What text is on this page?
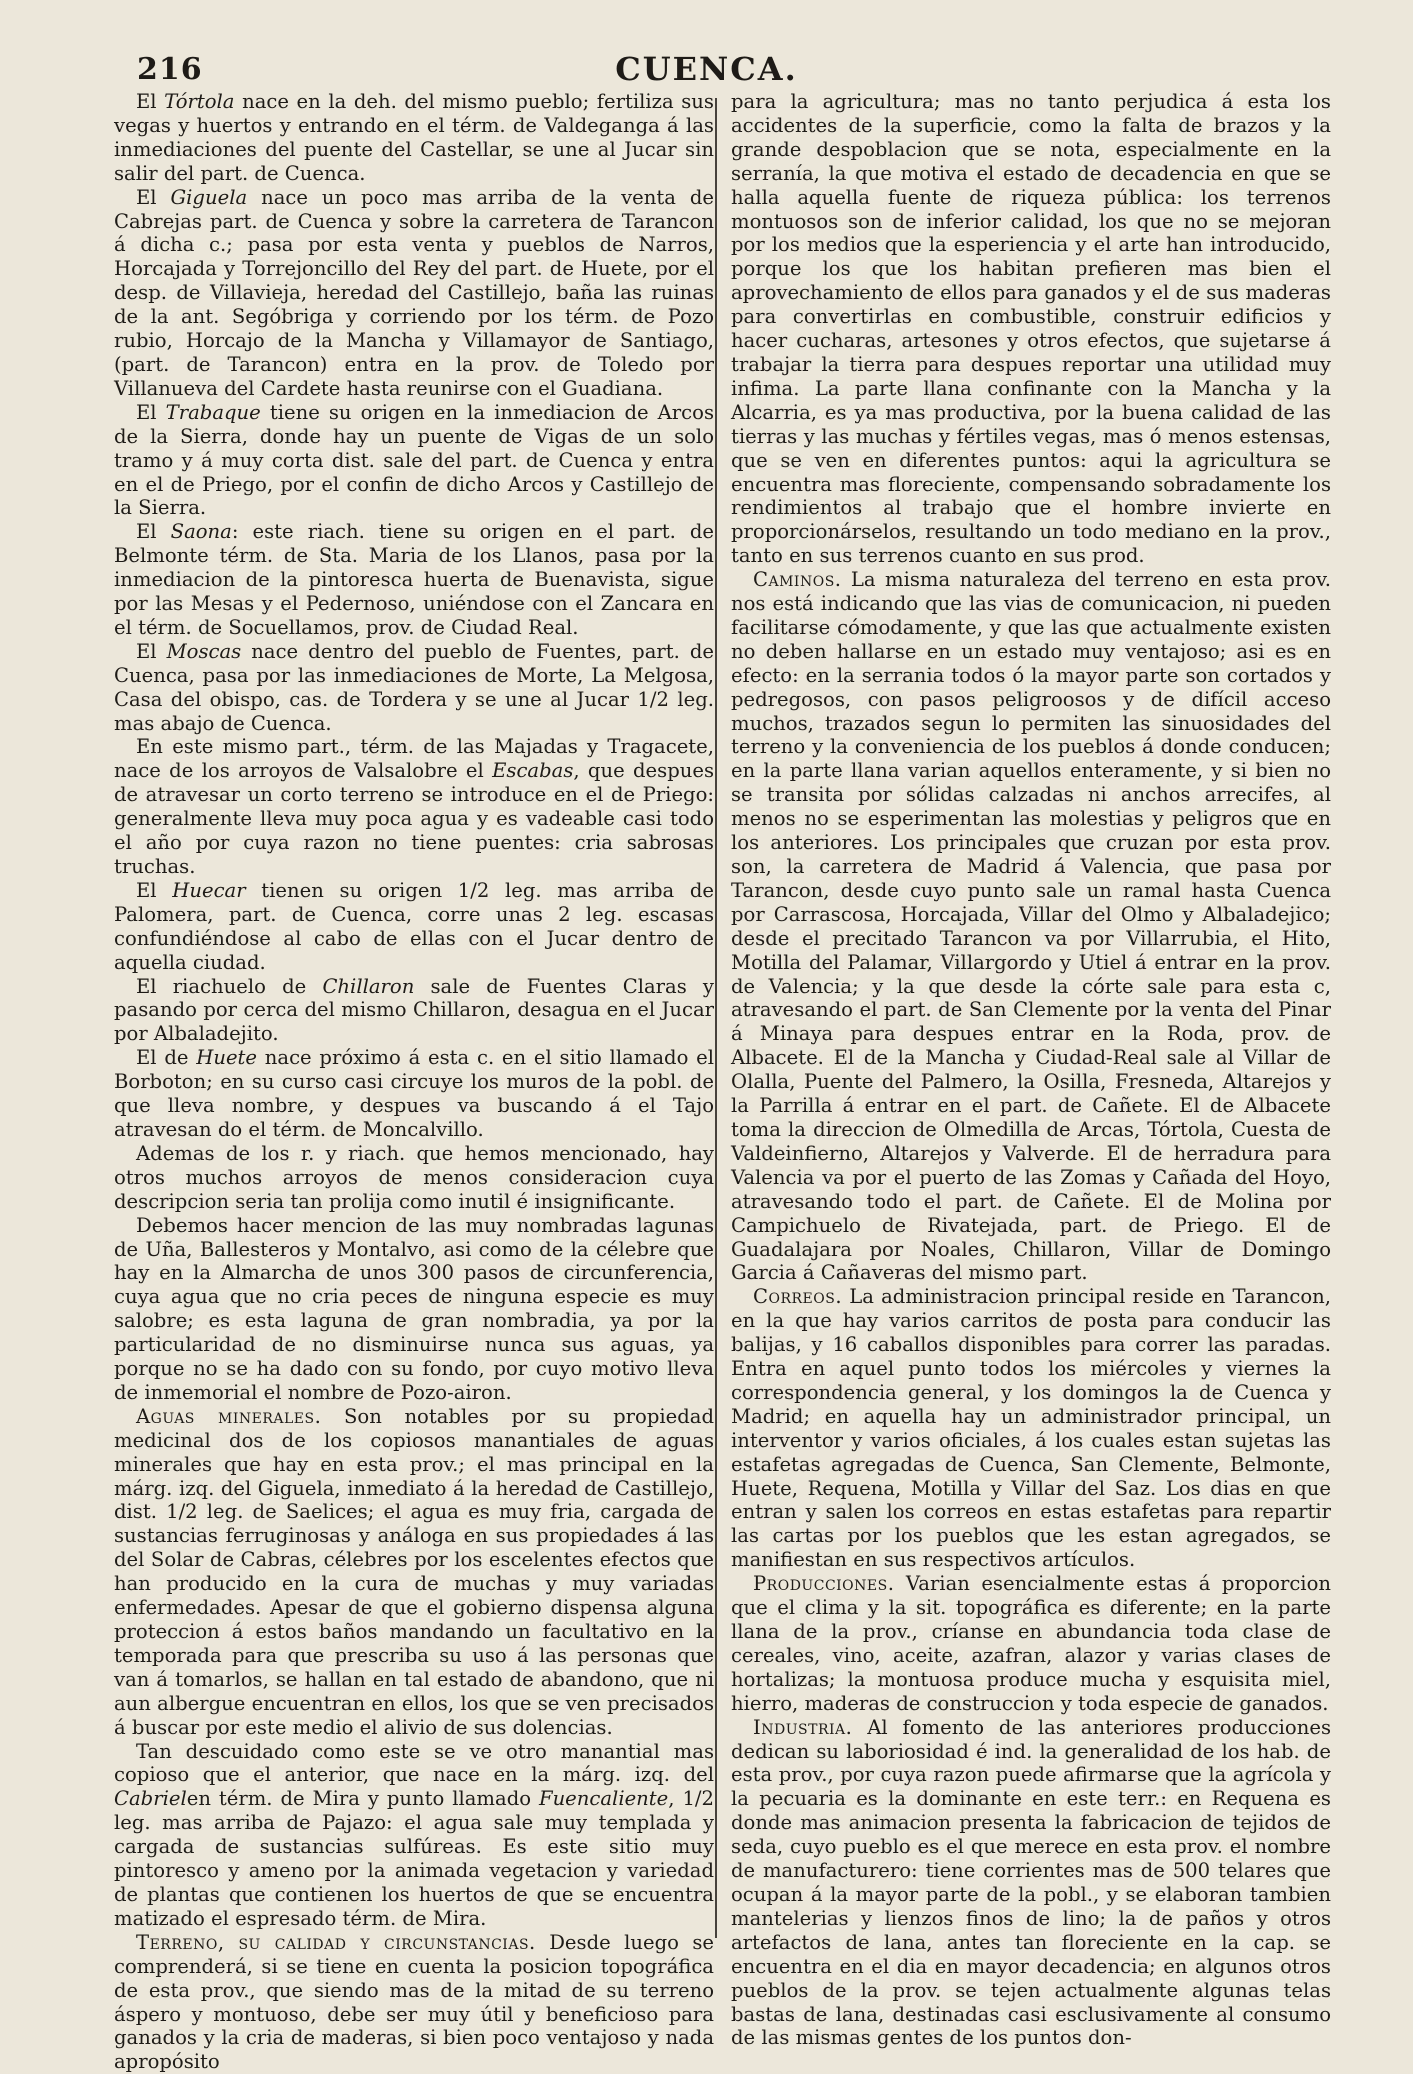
216	CUENCA.

El Tórtola nace en la deh. del mismo pueblo; fertiliza sus vegas y huertos y entrando en el térm. de Valdeganga á las inmediaciones del puente del Castellar, se une al Jucar sin salir del part. de Cuenca.

El Giguela nace un poco mas arriba de la venta de Cabrejas part. de Cuenca y sobre la carretera de Tarancon á dicha c.; pasa por esta venta y pueblos de Narros, Horcajada y Torrejoncillo del Rey del part. de Huete, por el desp. de Villavieja, heredad del Castillejo, baña las ruinas de la ant. Segóbriga y corriendo por los térm. de Pozo rubio, Horcajo de la Mancha y Villamayor de Santiago, (part. de Tarancon) entra en la prov. de Toledo por Villanueva del Cardete hasta reunirse con el Guadiana.

El Trabaque tiene su origen en la inmediacion de Arcos de la Sierra, donde hay un puente de Vigas de un solo tramo y á muy corta dist. sale del part. de Cuenca y entra en el de Priego, por el confin de dicho Arcos y Castillejo de la Sierra.

El Saona: este riach. tiene su origen en el part. de Belmonte térm. de Sta. Maria de los Llanos, pasa por la inmediacion de la pintoresca huerta de Buenavista, sigue por las Mesas y el Pedernoso, uniéndose con el Zancara en el térm. de Socuellamos, prov. de Ciudad Real.

El Moscas nace dentro del pueblo de Fuentes, part. de Cuenca, pasa por las inmediaciones de Morte, La Melgosa, Casa del obispo, cas. de Tordera y se une al Jucar 1/2 leg. mas abajo de Cuenca.

En este mismo part., térm. de las Majadas y Tragacete, nace de los arroyos de Valsalobre el Escabas, que despues de atravesar un corto terreno se introduce en el de Priego: generalmente lleva muy poca agua y es vadeable casi todo el año por cuya razon no tiene puentes: cria sabrosas truchas.

El Huecar tienen su origen 1/2 leg. mas arriba de Palomera, part. de Cuenca, corre unas 2 leg. escasas confundiéndose al cabo de ellas con el Jucar dentro de aquella ciudad.

El riachuelo de Chillaron sale de Fuentes Claras y pasando por cerca del mismo Chillaron, desagua en el Jucar por Albaladejito.

El de Huete nace próximo á esta c. en el sitio llamado el Borboton; en su curso casi circuye los muros de la pobl. de que lleva nombre, y despues va buscando á el Tajo atravesan do el térm. de Moncalvillo.

Ademas de los r. y riach. que hemos mencionado, hay otros muchos arroyos de menos consideracion cuya descripcion seria tan prolija como inutil é insignificante.

Debemos hacer mencion de las muy nombradas lagunas de Uña, Ballesteros y Montalvo, asi como de la célebre que hay en la Almarcha de unos 300 pasos de circunferencia, cuya agua que no cria peces de ninguna especie es muy salobre; es esta laguna de gran nombradia, ya por la particularidad de no disminuirse nunca sus aguas, ya porque no se ha dado con su fondo, por cuyo motivo lleva de inmemorial el nombre de Pozo-airon.

Aguas minerales. Son notables por su propiedad medicinal dos de los copiosos manantiales de aguas minerales que hay en esta prov.; el mas principal en la márg. izq. del Giguela, inmediato á la heredad de Castillejo, dist. 1/2 leg. de Saelices; el agua es muy fria, cargada de sustancias ferruginosas y análoga en sus propiedades á las del Solar de Cabras, célebres por los escelentes efectos que han producido en la cura de muchas y muy variadas enfermedades. Apesar de que el gobierno dispensa alguna proteccion á estos baños mandando un facultativo en la temporada para que prescriba su uso á las personas que van á tomarlos, se hallan en tal estado de abandono, que ni aun albergue encuentran en ellos, los que se ven precisados á buscar por este medio el alivio de sus dolencias.

Tan descuidado como este se ve otro manantial mas copioso que el anterior, que nace en la márg. izq. del Cabrielen térm. de Mira y punto llamado Fuencaliente, 1/2 leg. mas arriba de Pajazo: el agua sale muy templada y cargada de sustancias sulfúreas. Es este sitio muy pintoresco y ameno por la animada vegetacion y variedad de plantas que contienen los huertos de que se encuentra matizado el espresado térm. de Mira.

Terreno, su calidad y circunstancias. Desde luego se comprenderá, si se tiene en cuenta la posicion topográfica de esta prov., que siendo mas de la mitad de su terreno áspero y montuoso, debe ser muy útil y beneficioso para ganados y la cria de maderas, si bien poco ventajoso y nada apropósito

para la agricultura; mas no tanto perjudica á esta los accidentes de la superficie, como la falta de brazos y la grande despoblacion que se nota, especialmente en la serranía, la que motiva el estado de decadencia en que se halla aquella fuente de riqueza pública: los terrenos montuosos son de inferior calidad, los que no se mejoran por los medios que la esperiencia y el arte han introducido, porque los que los habitan prefieren mas bien el aprovechamiento de ellos para ganados y el de sus maderas para convertirlas en combustible, construir edificios y hacer cucharas, artesones y otros efectos, que sujetarse á trabajar la tierra para despues reportar una utilidad muy infima. La parte llana confinante con la Mancha y la Alcarria, es ya mas productiva, por la buena calidad de las tierras y las muchas y fértiles vegas, mas ó menos estensas, que se ven en diferentes puntos: aqui la agricultura se encuentra mas floreciente, compensando sobradamente los rendimientos al trabajo que el hombre invierte en proporcionárselos, resultando un todo mediano en la prov., tanto en sus terrenos cuanto en sus prod.

Caminos. La misma naturaleza del terreno en esta prov. nos está indicando que las vias de comunicacion, ni pueden facilitarse cómodamente, y que las que actualmente existen no deben hallarse en un estado muy ventajoso; asi es en efecto: en la serrania todos ó la mayor parte son cortados y pedregosos, con pasos peligroosos y de difícil acceso muchos, trazados segun lo permiten las sinuosidades del terreno y la conveniencia de los pueblos á donde conducen; en la parte llana varian aquellos enteramente, y si bien no se transita por sólidas calzadas ni anchos arrecifes, al menos no se esperimentan las molestias y peligros que en los anteriores. Los principales que cruzan por esta prov. son, la carretera de Madrid á Valencia, que pasa por Tarancon, desde cuyo punto sale un ramal hasta Cuenca por Carrascosa, Horcajada, Villar del Olmo y Albaladejico; desde el precitado Tarancon va por Villarrubia, el Hito, Motilla del Palamar, Villargordo y Utiel á entrar en la prov. de Valencia; y la que desde la córte sale para esta c, atravesando el part. de San Clemente por la venta del Pinar á Minaya para despues entrar en la Roda, prov. de Albacete. El de la Mancha y Ciudad-Real sale al Villar de Olalla, Puente del Palmero, la Osilla, Fresneda, Altarejos y la Parrilla á entrar en el part. de Cañete. El de Albacete toma la direccion de Olmedilla de Arcas, Tórtola, Cuesta de Valdeinfierno, Altarejos y Valverde. El de herradura para Valencia va por el puerto de las Zomas y Cañada del Hoyo, atravesando todo el part. de Cañete. El de Molina por Campichuelo de Rivatejada, part. de Priego. El de Guadalajara por Noales, Chillaron, Villar de Domingo Garcia á Cañaveras del mismo part.

Correos. La administracion principal reside en Tarancon, en la que hay varios carritos de posta para conducir las balijas, y 16 caballos disponibles para correr las paradas. Entra en aquel punto todos los miércoles y viernes la correspondencia general, y los domingos la de Cuenca y Madrid; en aquella hay un administrador principal, un interventor y varios oficiales, á los cuales estan sujetas las estafetas agregadas de Cuenca, San Clemente, Belmonte, Huete, Requena, Motilla y Villar del Saz. Los dias en que entran y salen los correos en estas estafetas para repartir las cartas por los pueblos que les estan agregados, se manifiestan en sus respectivos artículos.

Producciones. Varian esencialmente estas á proporcion que el clima y la sit. topográfica es diferente; en la parte llana de la prov., críanse en abundancia toda clase de cereales, vino, aceite, azafran, alazor y varias clases de hortalizas; la montuosa produce mucha y esquisita miel, hierro, maderas de construccion y toda especie de ganados.

Industria. Al fomento de las anteriores producciones dedican su laboriosidad é ind. la generalidad de los hab. de esta prov., por cuya razon puede afirmarse que la agrícola y la pecuaria es la dominante en este terr.: en Requena es donde mas animacion presenta la fabricacion de tejidos de seda, cuyo pueblo es el que merece en esta prov. el nombre de manufacturero: tiene corrientes mas de 500 telares que ocupan á la mayor parte de la pobl., y se elaboran tambien mantelerias y lienzos finos de lino; la de paños y otros artefactos de lana, antes tan floreciente en la cap. se encuentra en el dia en mayor decadencia; en algunos otros pueblos de la prov. se tejen actualmente algunas telas bastas de lana, destinadas casi esclusivamente al consumo de las mismas gentes de los puntos don-
